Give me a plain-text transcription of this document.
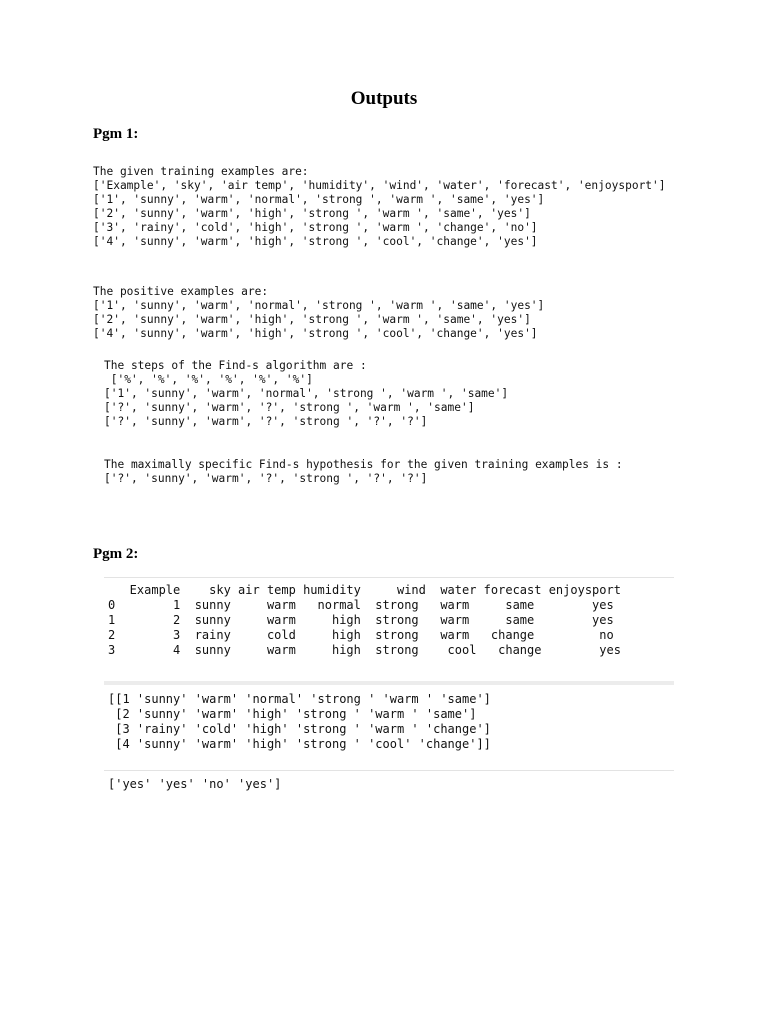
Outputs
Pgm 1:
The given training examples are:
['Example', 'sky', 'air temp', 'humidity', 'wind', 'water', 'forecast', 'enjoysport']
['1', 'sunny', 'warm', 'normal', 'strong ', 'warm ', 'same', 'yes']
['2', 'sunny', 'warm', 'high', 'strong ', 'warm ', 'same', 'yes']
['3', 'rainy', 'cold', 'high', 'strong ', 'warm ', 'change', 'no']
['4', 'sunny', 'warm', 'high', 'strong ', 'cool', 'change', 'yes']
The positive examples are:
['1', 'sunny', 'warm', 'normal', 'strong ', 'warm ', 'same', 'yes']
['2', 'sunny', 'warm', 'high', 'strong ', 'warm ', 'same', 'yes']
['4', 'sunny', 'warm', 'high', 'strong ', 'cool', 'change', 'yes']
The steps of the Find-s algorithm are :
['%', '%', '%', '%', '%', '%']
['1', 'sunny', 'warm', 'normal', 'strong ', 'warm ', 'same']
['?', 'sunny', 'warm', '?', 'strong ', 'warm ', 'same']
['?', 'sunny', 'warm', '?', 'strong ', '?', '?']
The maximally specific Find-s hypothesis for the given training examples is :
['?', 'sunny', 'warm', '?', 'strong ', '?', '?']
Pgm 2:
Example    sky air temp humidity     wind  water forecast enjoysport
0        1  sunny     warm   normal  strong   warm     same        yes
1        2  sunny     warm     high  strong   warm     same        yes
2        3  rainy     cold     high  strong   warm   change         no
3        4  sunny     warm     high  strong    cool   change        yes
[[1 'sunny' 'warm' 'normal' 'strong ' 'warm ' 'same']
[2 'sunny' 'warm' 'high' 'strong ' 'warm ' 'same']
[3 'rainy' 'cold' 'high' 'strong ' 'warm ' 'change']
[4 'sunny' 'warm' 'high' 'strong ' 'cool' 'change']]
['yes' 'yes' 'no' 'yes']
